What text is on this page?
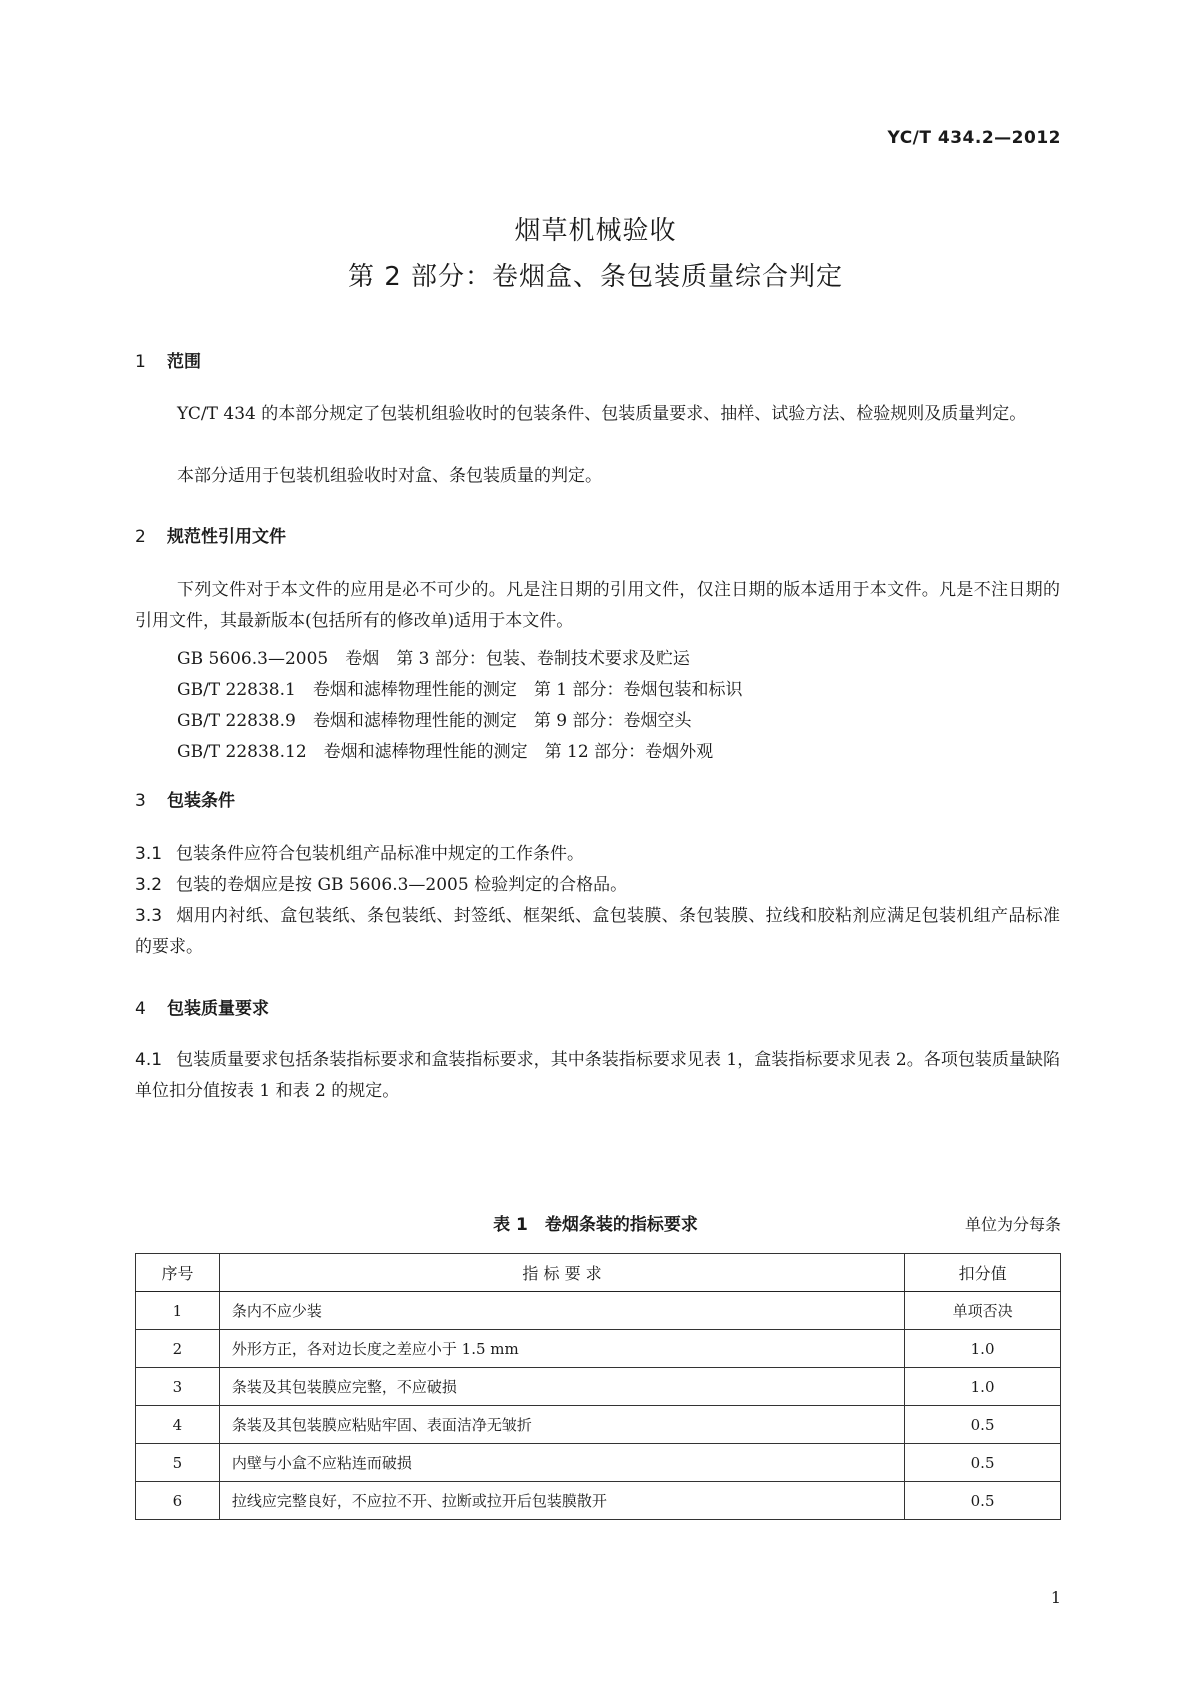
YC/T 434.2—2012
烟草机械验收
第 2 部分：卷烟盒、条包装质量综合判定
1 范围
YC/T 434 的本部分规定了包装机组验收时的包装条件、包装质量要求、抽样、试验方法、检验规则及质量判定。
本部分适用于包装机组验收时对盒、条包装质量的判定。
2 规范性引用文件
下列文件对于本文件的应用是必不可少的。凡是注日期的引用文件，仅注日期的版本适用于本文件。凡是不注日期的引用文件，其最新版本(包括所有的修改单)适用于本文件。
GB 5606.3—2005　卷烟　第 3 部分：包装、卷制技术要求及贮运
GB/T 22838.1　卷烟和滤棒物理性能的测定　第 1 部分：卷烟包装和标识
GB/T 22838.9　卷烟和滤棒物理性能的测定　第 9 部分：卷烟空头
GB/T 22838.12　卷烟和滤棒物理性能的测定　第 12 部分：卷烟外观
3 包装条件
3.1 包装条件应符合包装机组产品标准中规定的工作条件。
3.2 包装的卷烟应是按 GB 5606.3—2005 检验判定的合格品。
3.3 烟用内衬纸、盒包装纸、条包装纸、封签纸、框架纸、盒包装膜、条包装膜、拉线和胶粘剂应满足包装机组产品标准的要求。
4 包装质量要求
4.1 包装质量要求包括条装指标要求和盒装指标要求，其中条装指标要求见表 1，盒装指标要求见表 2。各项包装质量缺陷单位扣分值按表 1 和表 2 的规定。
表 1　卷烟条装的指标要求	单位为分每条
序号	指 标 要 求	扣分值
1	条内不应少装	单项否决
2	外形方正，各对边长度之差应小于 1.5 mm	1.0
3	条装及其包装膜应完整，不应破损	1.0
4	条装及其包装膜应粘贴牢固、表面洁净无皱折	0.5
5	内壁与小盒不应粘连而破损	0.5
6	拉线应完整良好，不应拉不开、拉断或拉开后包装膜散开	0.5
1
